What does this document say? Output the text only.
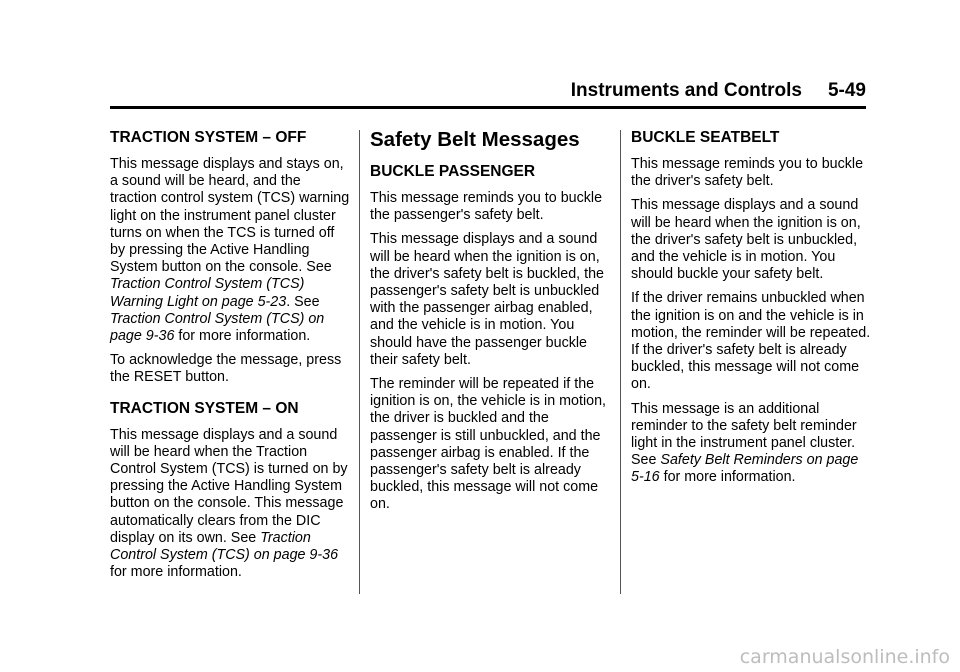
Instruments and Controls 5-49
TRACTION SYSTEM – OFF

This message displays and stays on, a sound will be heard, and the traction control system (TCS) warning light on the instrument panel cluster turns on when the TCS is turned off by pressing the Active Handling System button on the console. See Traction Control System (TCS) Warning Light on page 5-23. See Traction Control System (TCS) on page 9-36 for more information.

To acknowledge the message, press the RESET button.

TRACTION SYSTEM – ON

This message displays and a sound will be heard when the Traction Control System (TCS) is turned on by pressing the Active Handling System button on the console. This message automatically clears from the DIC display on its own. See Traction Control System (TCS) on page 9-36 for more information.

Safety Belt Messages
BUCKLE PASSENGER

This message reminds you to buckle the passenger's safety belt.

This message displays and a sound will be heard when the ignition is on, the driver's safety belt is buckled, the passenger's safety belt is unbuckled with the passenger airbag enabled, and the vehicle is in motion. You should have the passenger buckle their safety belt.

The reminder will be repeated if the ignition is on, the vehicle is in motion, the driver is buckled and the passenger is still unbuckled, and the passenger airbag is enabled. If the passenger's safety belt is already buckled, this message will not come on.

BUCKLE SEATBELT

This message reminds you to buckle the driver's safety belt.

This message displays and a sound will be heard when the ignition is on, the driver's safety belt is unbuckled, and the vehicle is in motion. You should buckle your safety belt.

If the driver remains unbuckled when the ignition is on and the vehicle is in motion, the reminder will be repeated. If the driver's safety belt is already buckled, this message will not come on.

This message is an additional reminder to the safety belt reminder light in the instrument panel cluster. See Safety Belt Reminders on page 5-16 for more information.

carmanualsonline.info
